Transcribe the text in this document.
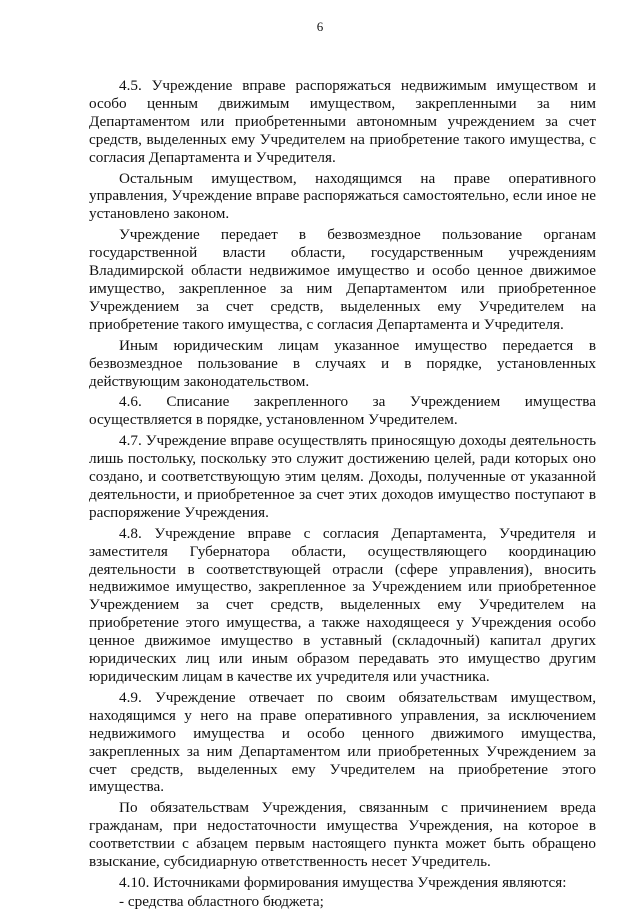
6

4.5. Учреждение вправе распоряжаться недвижимым имуществом и особо ценным движимым имуществом, закрепленными за ним Департаментом или приобретенными автономным учреждением за счет средств, выделенных ему Учредителем на приобретение такого имущества, с согласия Департамента и Учредителя.

Остальным имуществом, находящимся на праве оперативного управления, Учреждение вправе распоряжаться самостоятельно, если иное не установлено законом.

Учреждение передает в безвозмездное пользование органам государственной власти области, государственным учреждениям Владимирской области недвижимое имущество и особо ценное движимое имущество, закрепленное за ним Департаментом или приобретенное Учреждением за счет средств, выделенных ему Учредителем на приобретение такого имущества, с согласия Департамента и Учредителя.

Иным юридическим лицам указанное имущество передается в безвозмездное пользование в случаях и в порядке, установленных действующим законодательством.

4.6. Списание закрепленного за Учреждением имущества осуществляется в порядке, установленном Учредителем.

4.7. Учреждение вправе осуществлять приносящую доходы деятельность лишь постольку, поскольку это служит достижению целей, ради которых оно создано, и соответствующую этим целям. Доходы, полученные от указанной деятельности, и приобретенное за счет этих доходов имущество поступают в распоряжение Учреждения.

4.8. Учреждение вправе с согласия Департамента, Учредителя и заместителя Губернатора области, осуществляющего координацию деятельности в соответствующей отрасли (сфере управления), вносить недвижимое имущество, закрепленное за Учреждением или приобретенное Учреждением за счет средств, выделенных ему Учредителем на приобретение этого имущества, а также находящееся у Учреждения особо ценное движимое имущество в уставный (складочный) капитал других юридических лиц или иным образом передавать это имущество другим юридическим лицам в качестве их учредителя или участника.

4.9. Учреждение отвечает по своим обязательствам имуществом, находящимся у него на праве оперативного управления, за исключением недвижимого имущества и особо ценного движимого имущества, закрепленных за ним Департаментом или приобретенных Учреждением за счет средств, выделенных ему Учредителем на приобретение этого имущества.

По обязательствам Учреждения, связанным с причинением вреда гражданам, при недостаточности имущества Учреждения, на которое в соответствии с абзацем первым настоящего пункта может быть обращено взыскание, субсидиарную ответственность несет Учредитель.

4.10. Источниками формирования имущества Учреждения являются:

- средства областного бюджета;
